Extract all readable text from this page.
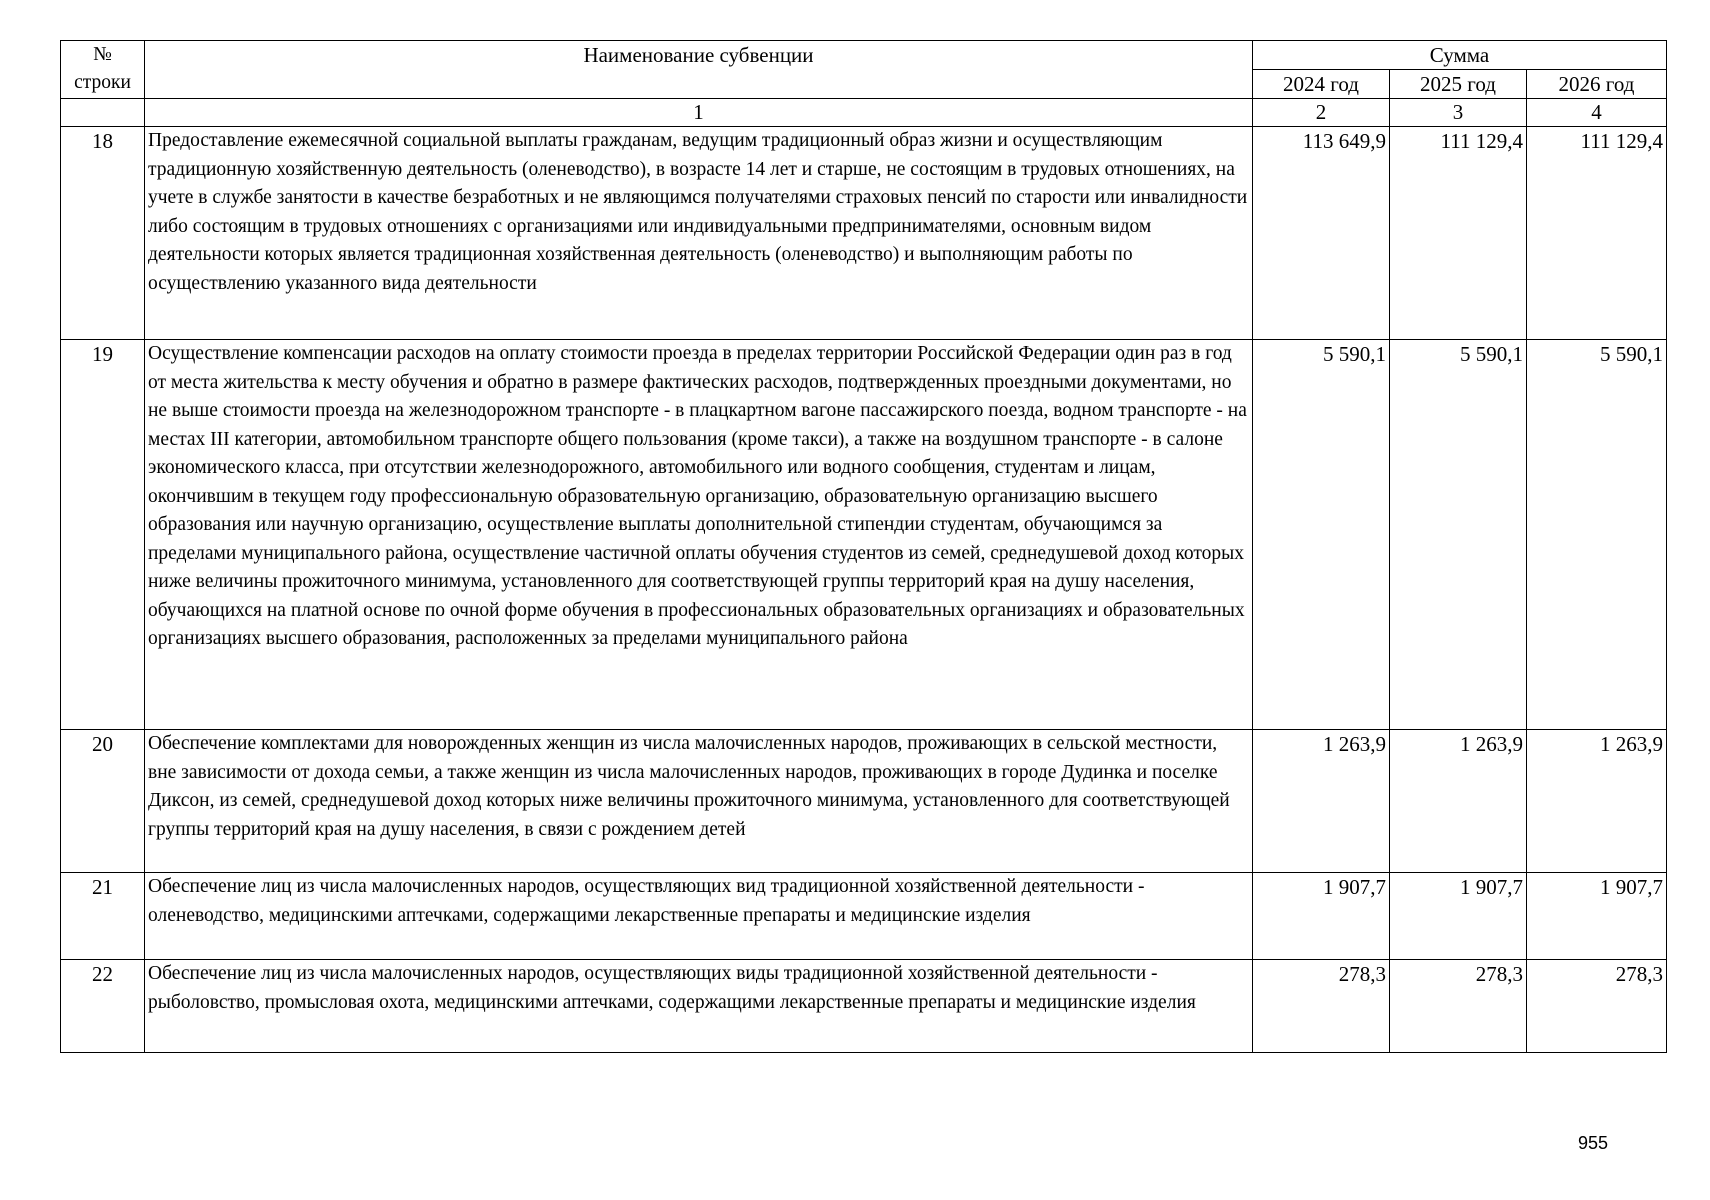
№
строки	Наименование субвенции	Сумма		
		2024 год	2025 год	2026 год
	1	2	3	4
18	Предоставление ежемесячной социальной выплаты гражданам, ведущим традиционный образ жизни и осуществляющим традиционную хозяйственную деятельность (оленеводство), в возрасте 14 лет и старше, не состоящим в трудовых отношениях, на учете в службе занятости в качестве безработных и не являющимся получателями страховых пенсий по старости или инвалидности либо состоящим в трудовых отношениях с организациями или индивидуальными предпринимателями, основным видом деятельности которых является традиционная хозяйственная деятельность (оленеводство) и выполняющим работы по осуществлению указанного вида деятельности	113 649,9	111 129,4	111 129,4
19	Осуществление компенсации расходов на оплату стоимости проезда в пределах территории Российской Федерации один раз в год от места жительства к месту обучения и обратно в размере фактических расходов, подтвержденных проездными документами, но не выше стоимости проезда на железнодорожном транспорте - в плацкартном вагоне пассажирского поезда, водном транспорте - на местах III категории, автомобильном транспорте общего пользования (кроме такси), а также на воздушном транспорте - в салоне экономического класса, при отсутствии железнодорожного, автомобильного или водного сообщения, студентам и лицам, окончившим в текущем году профессиональную образовательную организацию, образовательную организацию высшего образования или научную организацию, осуществление выплаты дополнительной стипендии студентам, обучающимся за пределами муниципального района, осуществление частичной оплаты обучения студентов из семей, среднедушевой доход которых ниже величины прожиточного минимума, установленного для соответствующей группы территорий края на душу населения, обучающихся на платной основе по очной форме обучения в профессиональных образовательных организациях и образовательных организациях высшего образования, расположенных за пределами муниципального района	5 590,1	5 590,1	5 590,1
20	Обеспечение комплектами для новорожденных женщин из числа малочисленных народов, проживающих в сельской местности, вне зависимости от дохода семьи, а также женщин из числа малочисленных народов, проживающих в городе Дудинка и поселке Диксон, из семей, среднедушевой доход которых ниже величины прожиточного минимума, установленного для соответствующей группы территорий края на душу населения, в связи с рождением детей	1 263,9	1 263,9	1 263,9
21	Обеспечение лиц из числа малочисленных народов, осуществляющих вид традиционной хозяйственной деятельности - оленеводство, медицинскими аптечками, содержащими лекарственные препараты и медицинские изделия	1 907,7	1 907,7	1 907,7
22	Обеспечение лиц из числа малочисленных народов, осуществляющих виды традиционной хозяйственной деятельности - рыболовство, промысловая охота, медицинскими аптечками, содержащими лекарственные препараты и медицинские изделия	278,3	278,3	278,3
955
